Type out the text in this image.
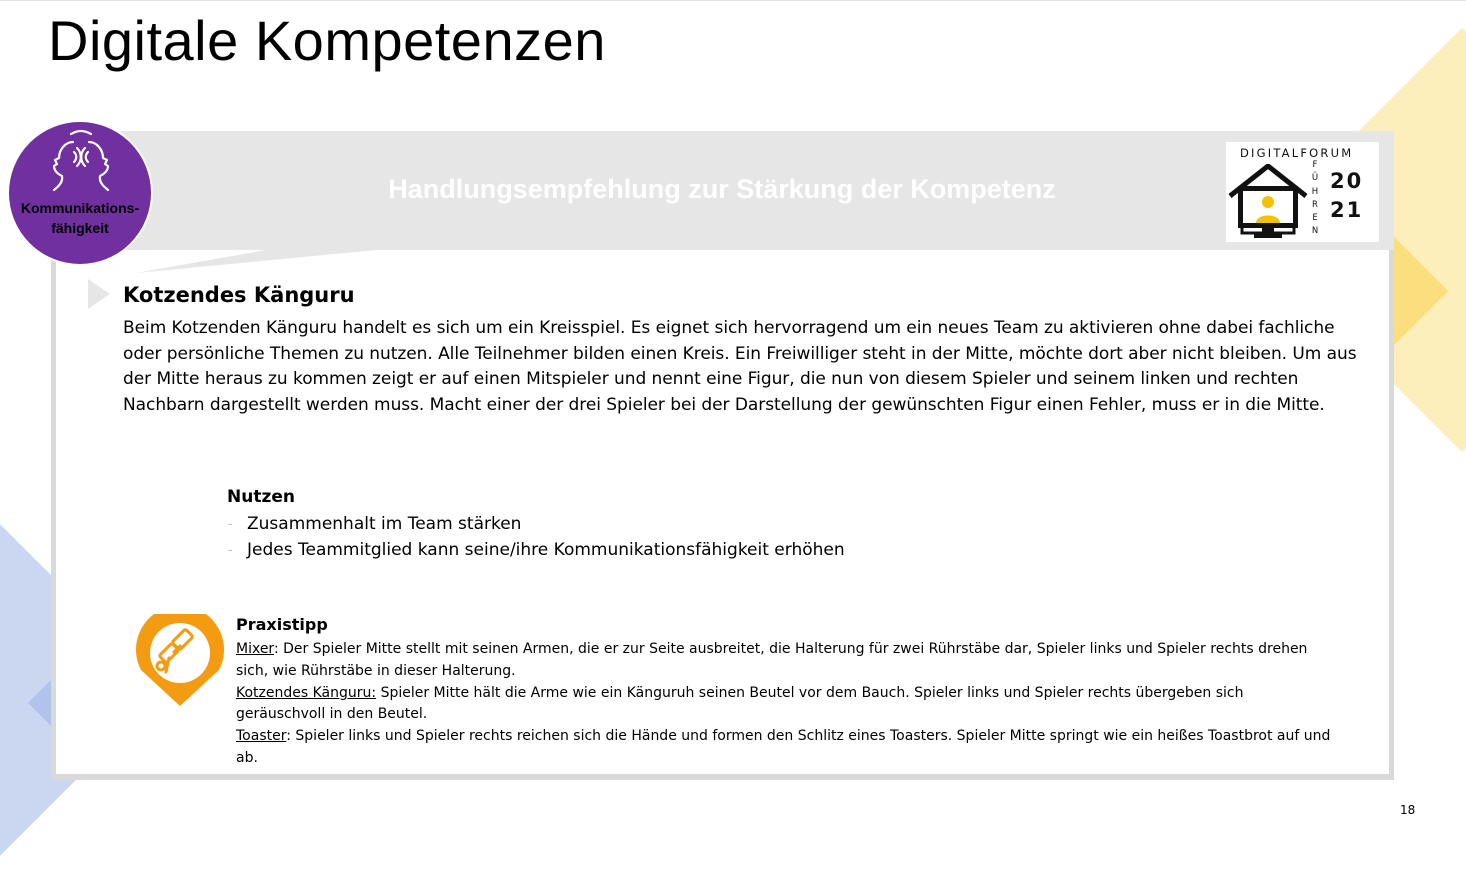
Digitale Kompetenzen
Handlungsempfehlung zur Stärkung der Kompetenz
Kommunikations-
fähigkeit
DIGITALFORUM
F
Ü
H
R
E
N
20
21
Kotzendes Känguru
Beim Kotzenden Känguru handelt es sich um ein Kreisspiel. Es eignet sich hervorragend um ein neues Team zu aktivieren ohne dabei fachliche oder persönliche Themen zu nutzen. Alle Teilnehmer bilden einen Kreis. Ein Freiwilliger steht in der Mitte, möchte dort aber nicht bleiben. Um aus der Mitte heraus zu kommen zeigt er auf einen Mitspieler und nennt eine Figur, die nun von diesem Spieler und seinem linken und rechten Nachbarn dargestellt werden muss. Macht einer der drei Spieler bei der Darstellung der gewünschten Figur einen Fehler, muss er in die Mitte.
Nutzen
- Zusammenhalt im Team stärken
- Jedes Teammitglied kann seine/ihre Kommunikationsfähigkeit erhöhen
Praxistipp
Mixer: Der Spieler Mitte stellt mit seinen Armen, die er zur Seite ausbreitet, die Halterung für zwei Rührstäbe dar, Spieler links und Spieler rechts drehen sich, wie Rührstäbe in dieser Halterung.
Kotzendes Känguru: Spieler Mitte hält die Arme wie ein Känguruh seinen Beutel vor dem Bauch. Spieler links und Spieler rechts übergeben sich geräuschvoll in den Beutel.
Toaster: Spieler links und Spieler rechts reichen sich die Hände und formen den Schlitz eines Toasters. Spieler Mitte springt wie ein heißes Toastbrot auf und ab.
18
